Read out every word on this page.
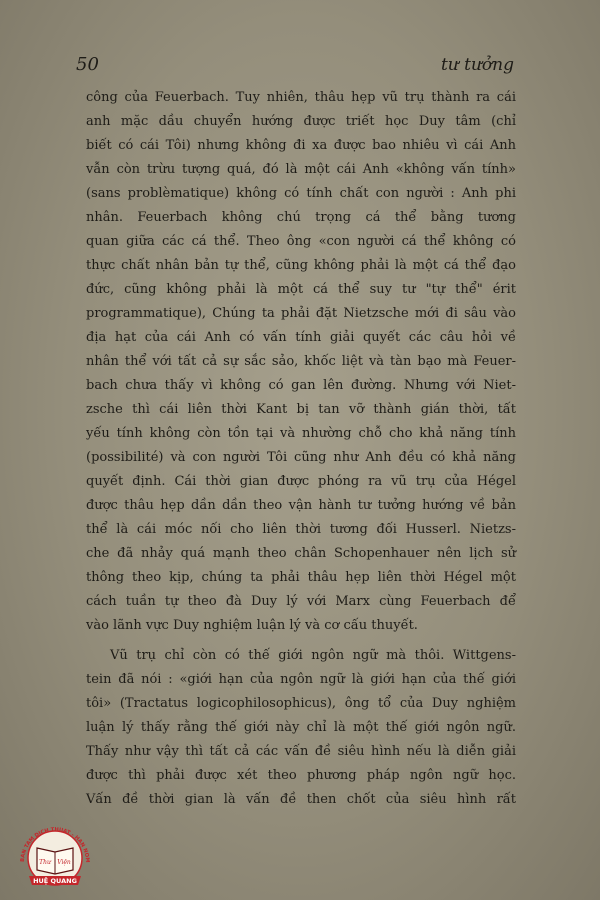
50	tư tưởng
công của Feuerbach. Tuy nhiên, thâu hẹp vũ trụ thành ra cái
anh mặc dầu chuyển hướng được triết học Duy tâm (chỉ
biết có cái Tôi) nhưng không đi xa được bao nhiêu vì cái Anh
vẫn còn trừu tượng quá, đó là một cái Anh «không vấn tính»
(sans problèmatique) không có tính chất con người : Anh phi
nhân. Feuerbach không chú trọng cá thể bằng tương
quan giữa các cá thể. Theo ông «con người cá thể không có
thực chất nhân bản tự thể, cũng không phải là một cá thể đạo
đức, cũng không phải là một cá thể suy tư "tự thể" érit
programmatique), Chúng ta phải đặt Nietzsche mới đi sâu vào
địa hạt của cái Anh có vấn tính giải quyết các câu hỏi về
nhân thể với tất cả sự sắc sảo, khốc liệt và tàn bạo mà Feuer-
bach chưa thấy vì không có gan lên đường. Nhưng với Niet-
zsche thì cái liên thời Kant bị tan vỡ thành gián thời, tất
yếu tính không còn tồn tại và nhường chỗ cho khả năng tính
(possibilité) và con người Tôi cũng như Anh đều có khả năng
quyết định. Cái thời gian được phóng ra vũ trụ của Hégel
được thâu hẹp dần dần theo vận hành tư tưởng hướng về bản
thể là cái móc nối cho liên thời tương đối Husserl. Nietzs-
che đã nhảy quá mạnh theo chân Schopenhauer nên lịch sử
thông theo kịp, chúng ta phải thâu hẹp liên thời Hégel một
cách tuần tự theo đà Duy lý với Marx cùng Feuerbach để
vào lãnh vực Duy nghiệm luận lý và cơ cấu thuyết.
Vũ trụ chỉ còn có thế giới ngôn ngữ mà thôi. Wittgens-
tein đã nói : «giới hạn của ngôn ngữ là giới hạn của thế giới
tôi» (Tractatus logicophilosophicus), ông tổ của Duy nghiệm
luận lý thấy rằng thế giới này chỉ là một thế giới ngôn ngữ.
Thấy như vậy thì tất cả các vấn đề siêu hình nếu là diễn giải
được thì phải được xét theo phương pháp ngôn ngữ học.
Vấn đề thời gian là vấn đề then chốt của siêu hình rất
BAN TAM DICH THUAT - HAN NOM
Thư Viện
HUỆ QUANG
